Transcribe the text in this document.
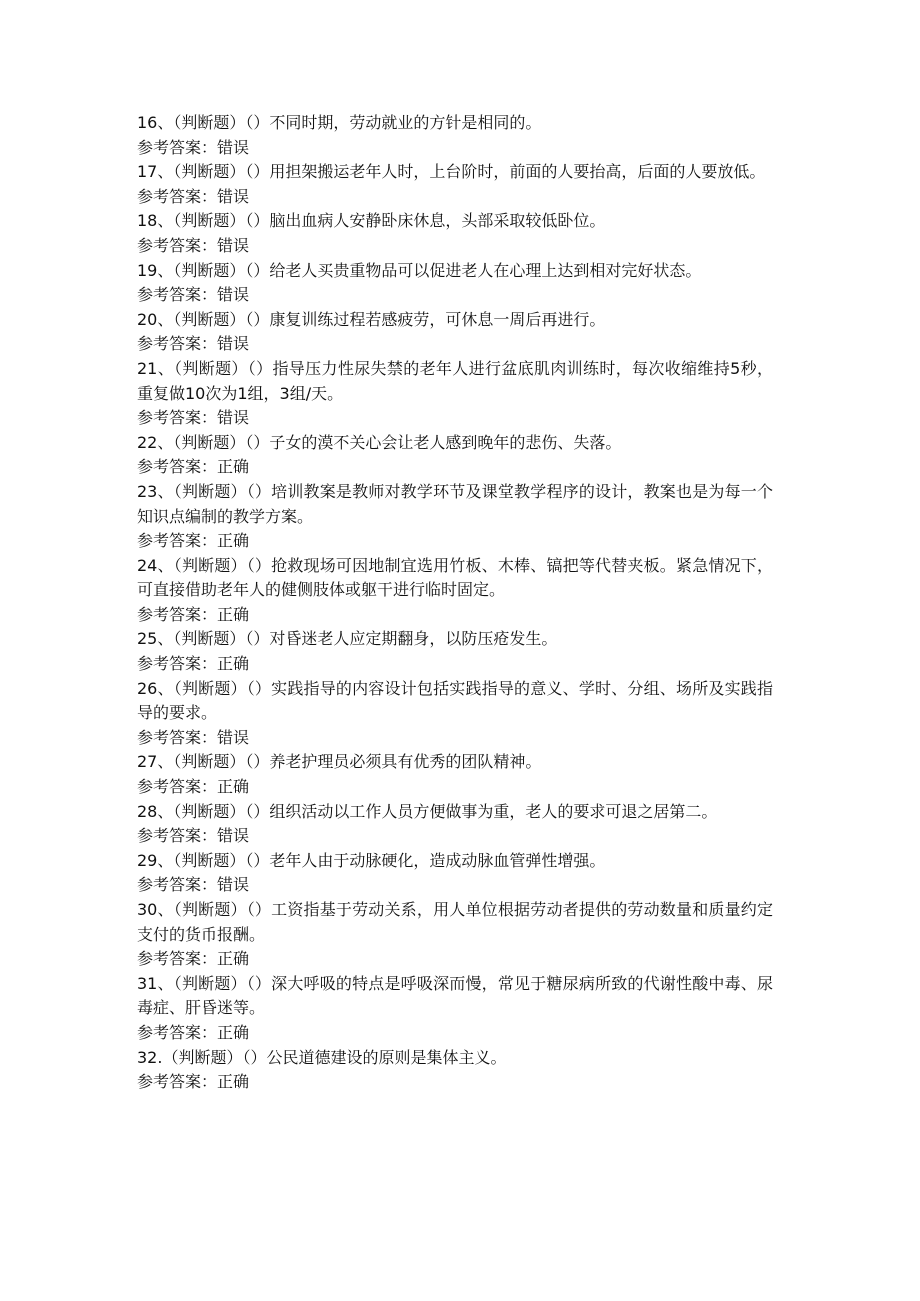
16、（判断题）（）不同时期，劳动就业的方针是相同的。

参考答案：错误

17、（判断题）（）用担架搬运老年人时，上台阶时，前面的人要抬高，后面的人要放低。

参考答案：错误

18、（判断题）（）脑出血病人安静卧床休息，头部采取较低卧位。

参考答案：错误

19、（判断题）（）给老人买贵重物品可以促进老人在心理上达到相对完好状态。

参考答案：错误

20、（判断题）（）康复训练过程若感疲劳，可休息一周后再进行。

参考答案：错误

21、（判断题）（）指导压力性尿失禁的老年人进行盆底肌肉训练时，每次收缩维持5秒，重复做10次为1组，3组/天。

参考答案：错误

22、（判断题）（）子女的漠不关心会让老人感到晚年的悲伤、失落。

参考答案：正确

23、（判断题）（）培训教案是教师对教学环节及课堂教学程序的设计，教案也是为每一个知识点编制的教学方案。

参考答案：正确

24、（判断题）（）抢救现场可因地制宜选用竹板、木棒、镐把等代替夹板。紧急情况下，可直接借助老年人的健侧肢体或躯干进行临时固定。

参考答案：正确

25、（判断题）（）对昏迷老人应定期翻身，以防压疮发生。

参考答案：正确

26、（判断题）（）实践指导的内容设计包括实践指导的意义、学时、分组、场所及实践指导的要求。

参考答案：错误

27、（判断题）（）养老护理员必须具有优秀的团队精神。

参考答案：正确

28、（判断题）（）组织活动以工作人员方便做事为重，老人的要求可退之居第二。

参考答案：错误

29、（判断题）（）老年人由于动脉硬化，造成动脉血管弹性增强。

参考答案：错误

30、（判断题）（）工资指基于劳动关系，用人单位根据劳动者提供的劳动数量和质量约定支付的货币报酬。

参考答案：正确

31、（判断题）（）深大呼吸的特点是呼吸深而慢，常见于糖尿病所致的代谢性酸中毒、尿毒症、肝昏迷等。

参考答案：正确

32.（判断题）（）公民道德建设的原则是集体主义。

参考答案：正确
